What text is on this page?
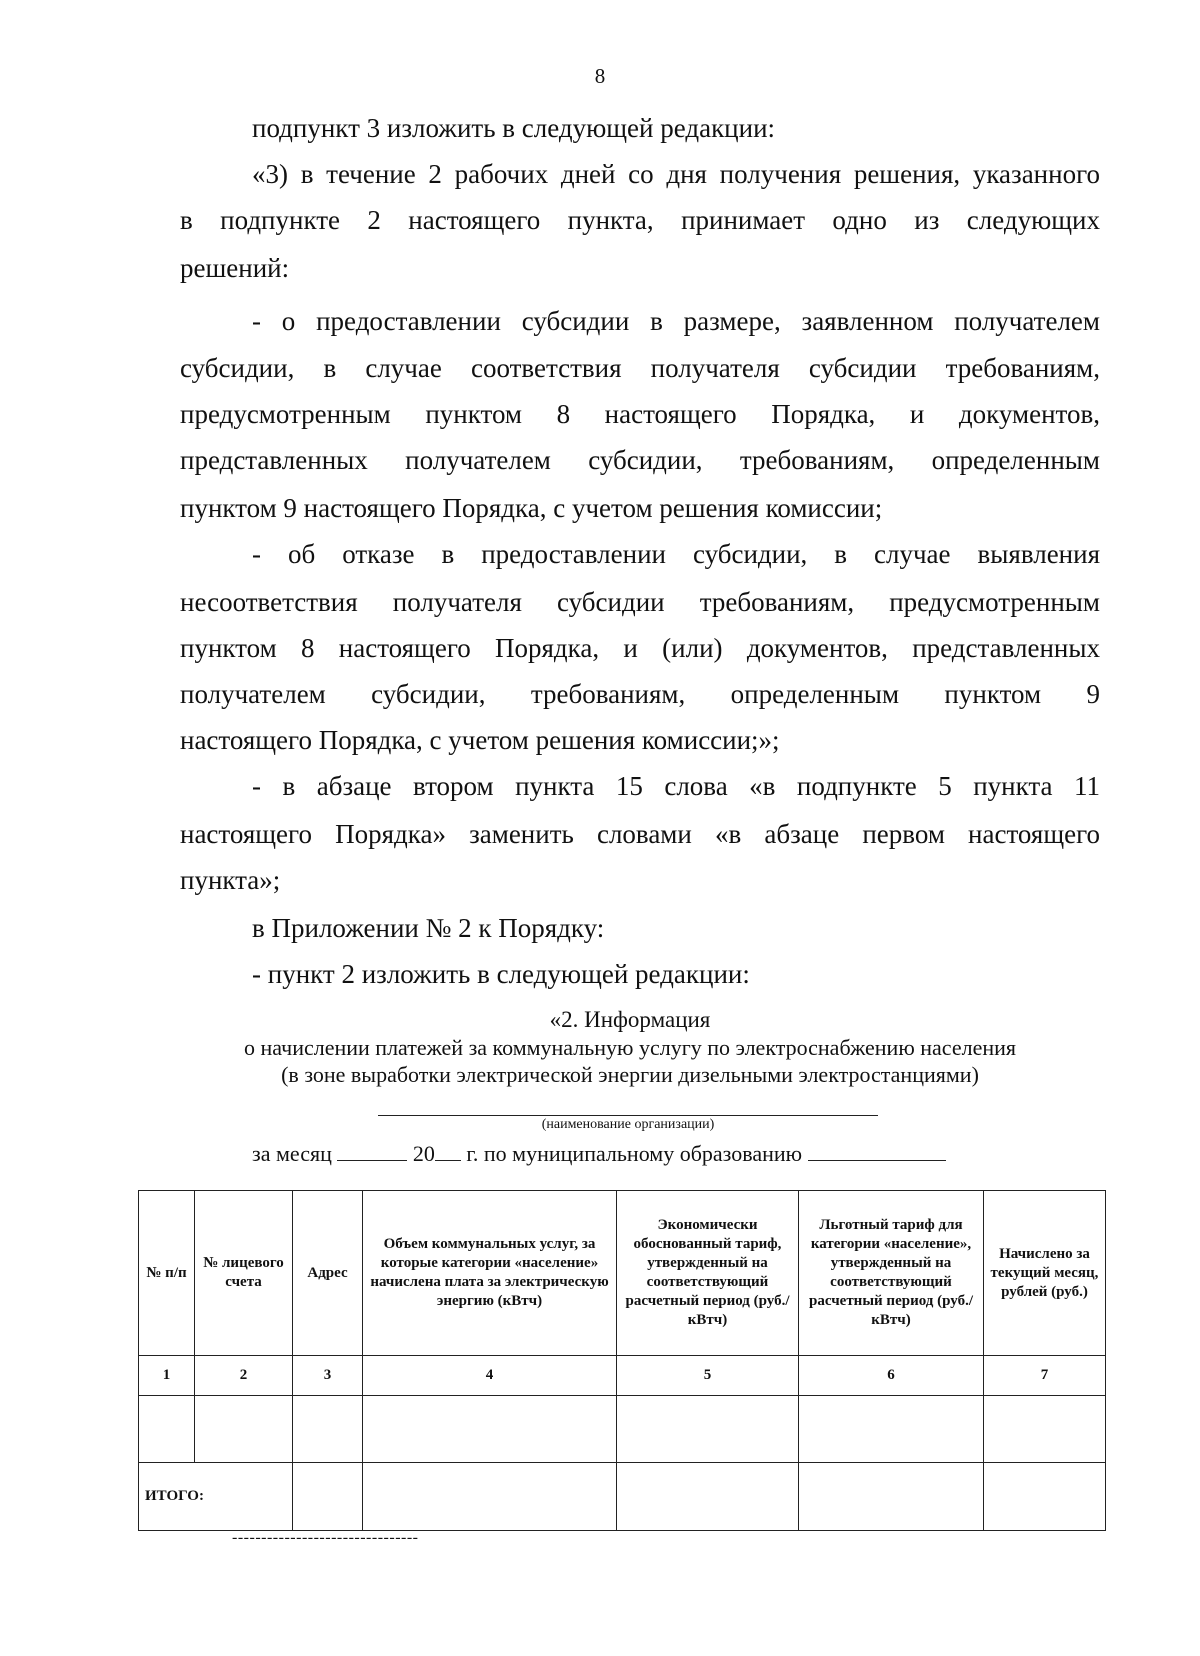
8
подпункт 3 изложить в следующей редакции:
«3) в течение 2 рабочих дней со дня получения решения, указанного
в подпункте 2 настоящего пункта, принимает одно из следующих
решений:
- о предоставлении субсидии в размере, заявленном получателем
субсидии, в случае соответствия получателя субсидии требованиям,
предусмотренным пунктом 8 настоящего Порядка, и документов,
представленных получателем субсидии, требованиям, определенным
пунктом 9 настоящего Порядка, с учетом решения комиссии;
- об отказе в предоставлении субсидии, в случае выявления
несоответствия получателя субсидии требованиям, предусмотренным
пунктом 8 настоящего Порядка, и (или) документов, представленных
получателем субсидии, требованиям, определенным пунктом 9
настоящего Порядка, с учетом решения комиссии;»;
- в абзаце втором пункта 15 слова «в подпункте 5 пункта 11
настоящего Порядка» заменить словами «в абзаце первом настоящего
пункта»;
в Приложении № 2 к Порядку:
- пункт 2 изложить в следующей редакции:
«2. Информация
о начислении платежей за коммунальную услугу по электроснабжению населения
(в зоне выработки электрической энергии дизельными электростанциями)
(наименование организации)
за месяц	20 г. по муниципальному образованию
№ п/п	№ лицевого счета	Адрес	Объем коммунальных услуг, за которые категории «население» начислена плата за электрическую энергию (кВтч)	Экономически обоснованный тариф, утвержденный на соответствующий расчетный период (руб./кВтч)	Льготный тариф для категории «население», утвержденный на соответствующий расчетный период (руб./кВтч)	Начислено за текущий месяц, рублей (руб.)
1	2	3	4	5	6	7

ИТОГО:						
--------------------------------
